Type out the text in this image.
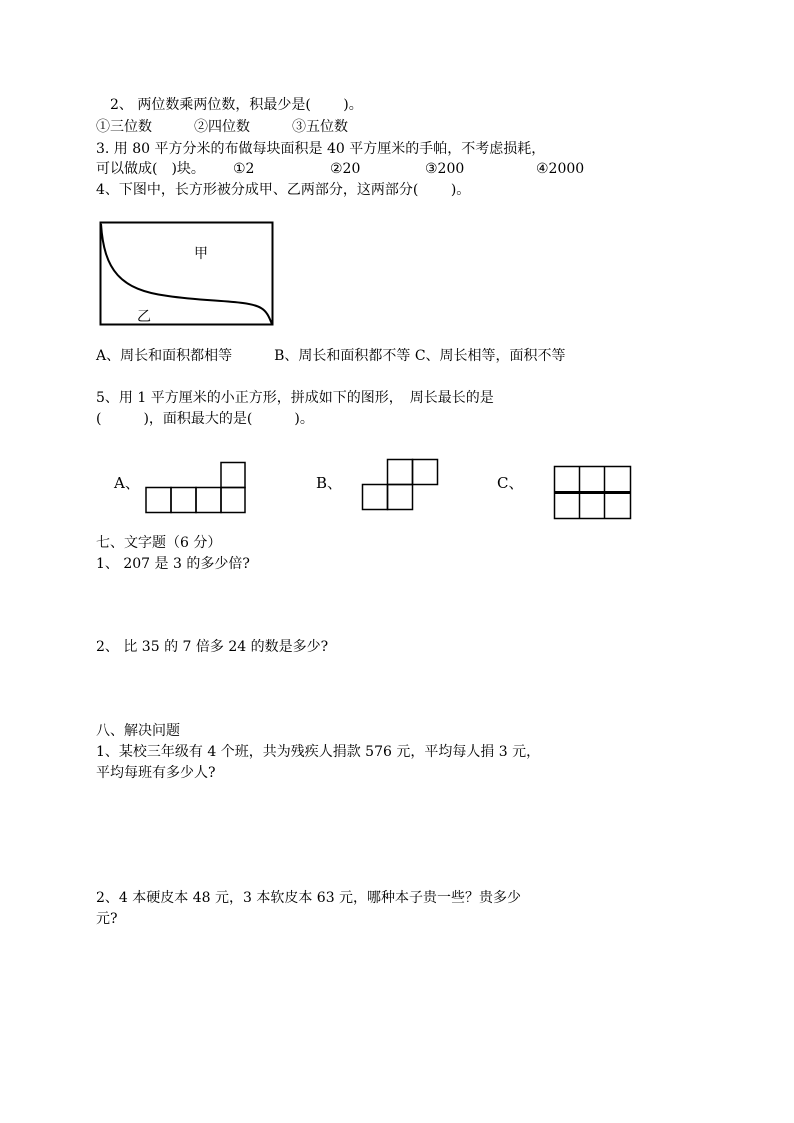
2、 两位数乘两位数，积最少是(　　 )。
①三位数　　　②四位数　　　③五位数
3. 用 80 平方分米的布做每块面积是 40 平方厘米的手帕，不考虑损耗，
可以做成(　)块。 ①2	②20	③200	④2000
4、下图中，长方形被分成甲、乙两部分，这两部分(　　 )。
甲
乙
A、周长和面积都相等　　　B、周长和面积都不等 C、周长相等，面积不等
5、用 1 平方厘米的小正方形，拼成如下的图形，　周长最长的是
(　　　)，面积最大的是(　　　)。
A、	B、	C、
七、文字题（6 分）
1、 207 是 3 的多少倍?
2、 比 35 的 7 倍多 24 的数是多少?
八、解决问题
1、某校三年级有 4 个班，共为残疾人捐款 576 元，平均每人捐 3 元，
平均每班有多少人?
2、4 本硬皮本 48 元，3 本软皮本 63 元，哪种本子贵一些？贵多少
元?
